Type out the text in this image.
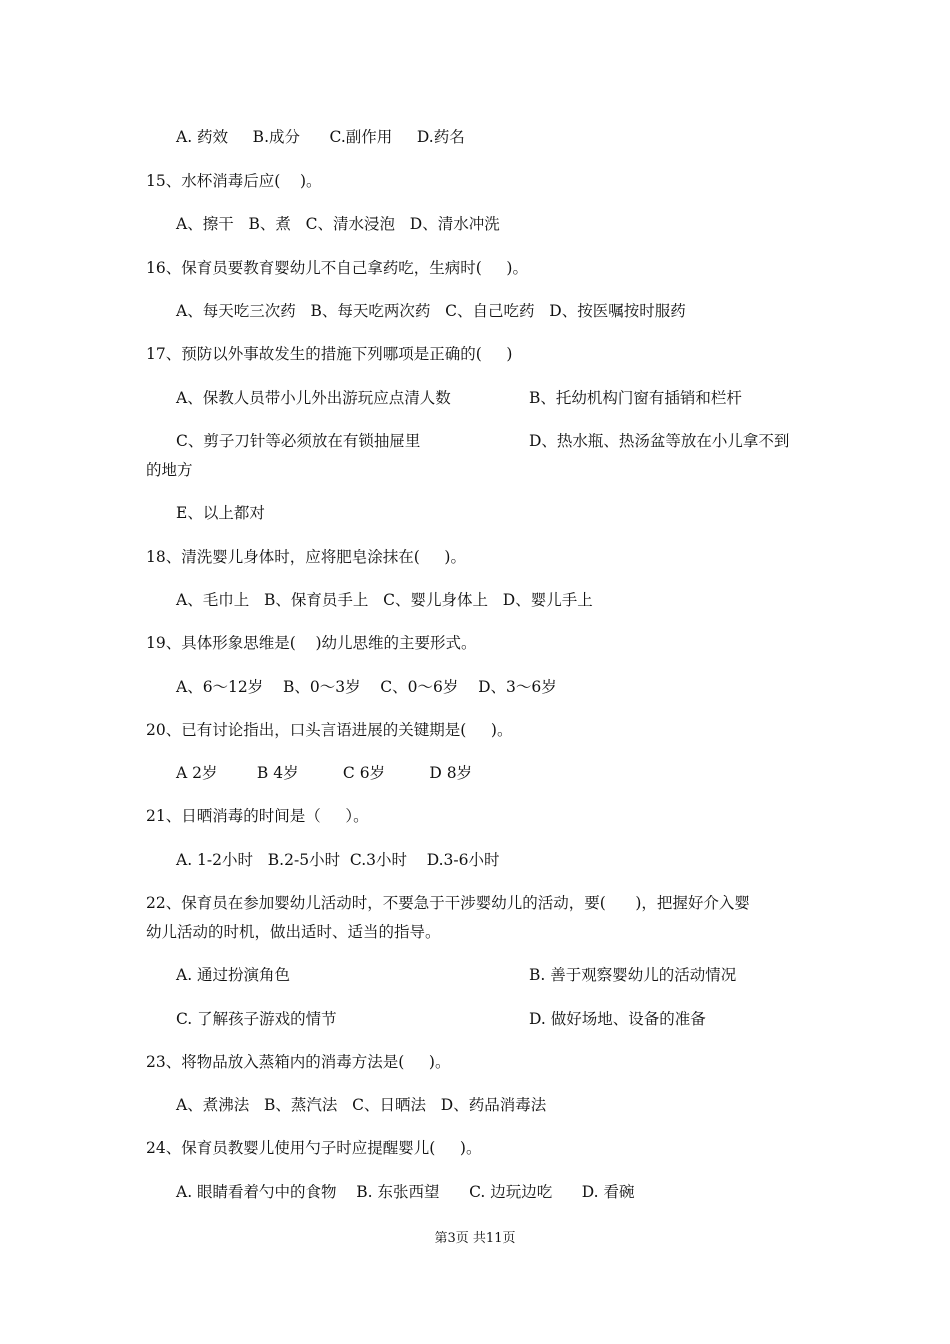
A. 药效     B.成分      C.副作用     D.药名
15、水杯消毒后应(    )。
A、擦干   B、煮   C、清水浸泡   D、清水冲洗
16、保育员要教育婴幼儿不自己拿药吃，生病时(     )。
A、每天吃三次药   B、每天吃两次药   C、自己吃药   D、按医嘱按时服药
17、预防以外事故发生的措施下列哪项是正确的(     )
A、保教人员带小儿外出游玩应点清人数	B、托幼机构门窗有插销和栏杆
C、剪子刀针等必须放在有锁抽屉里	D、热水瓶、热汤盆等放在小儿拿不到
的地方
E、以上都对
18、清洗婴儿身体时，应将肥皂涂抹在(     )。
A、毛巾上   B、保育员手上   C、婴儿身体上   D、婴儿手上
19、具体形象思维是(    )幼儿思维的主要形式。
A、6～12岁    B、0～3岁    C、0～6岁    D、3～6岁
20、已有讨论指出，口头言语进展的关键期是(     )。
A 2岁        B 4岁         C 6岁         D 8岁
21、日晒消毒的时间是（     ）。
A. 1-2小时   B.2-5小时  C.3小时    D.3-6小时
22、保育员在参加婴幼儿活动时，不要急于干涉婴幼儿的活动，要(      )，把握好介入婴
幼儿活动的时机，做出适时、适当的指导。
A. 通过扮演角色	B. 善于观察婴幼儿的活动情况
C. 了解孩子游戏的情节	D. 做好场地、设备的准备
23、将物品放入蒸箱内的消毒方法是(     )。
A、煮沸法   B、蒸汽法   C、日晒法   D、药品消毒法
24、保育员教婴儿使用勺子时应提醒婴儿(     )。
A. 眼睛看着勺中的食物    B. 东张西望      C. 边玩边吃      D. 看碗
第3页 共11页
